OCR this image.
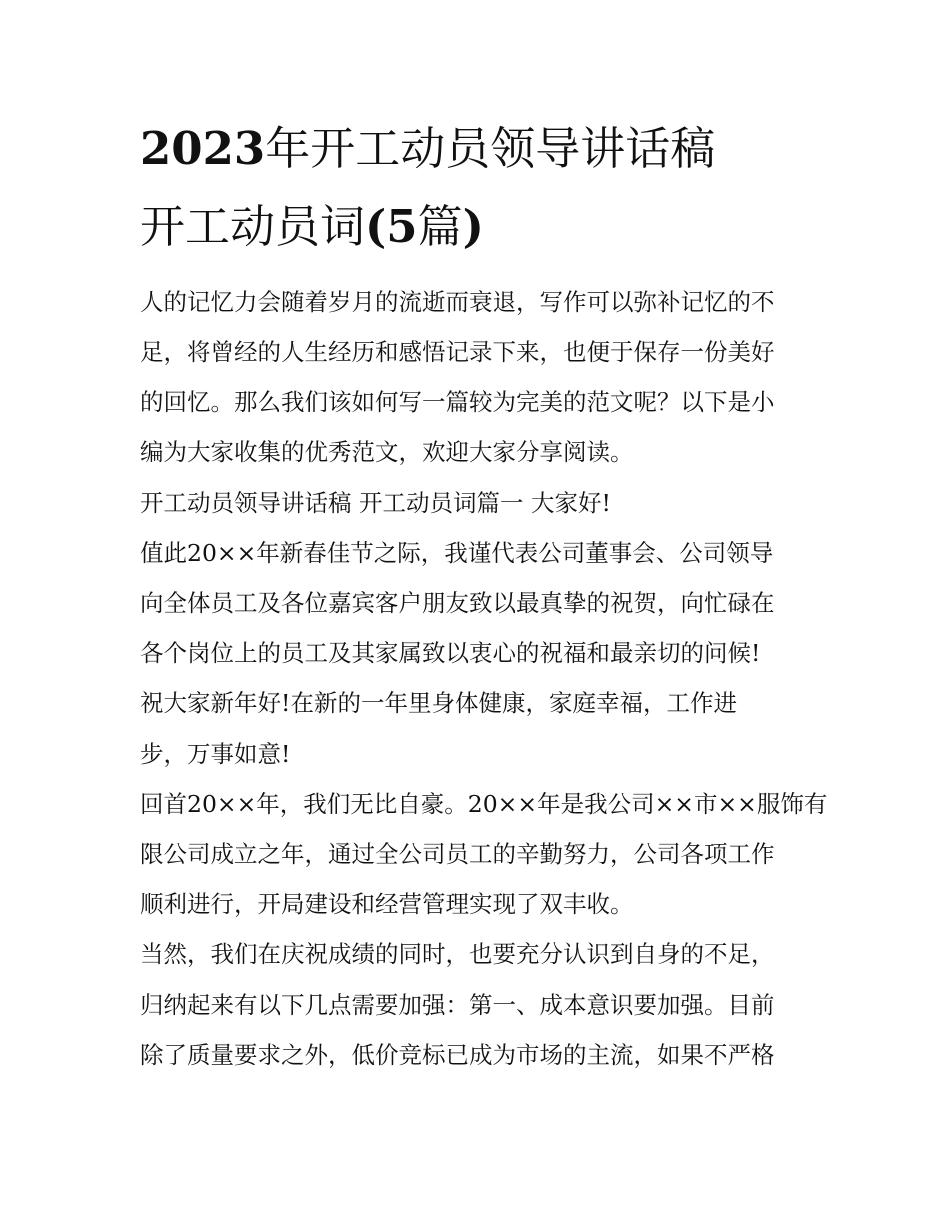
2023年开工动员领导讲话稿
开工动员词(5篇)

人的记忆力会随着岁月的流逝而衰退，写作可以弥补记忆的不

足，将曾经的人生经历和感悟记录下来，也便于保存一份美好

的回忆。那么我们该如何写一篇较为完美的范文呢？以下是小

编为大家收集的优秀范文，欢迎大家分享阅读。

开工动员领导讲话稿 开工动员词篇一 大家好!

值此20××年新春佳节之际，我谨代表公司董事会、公司领导

向全体员工及各位嘉宾客户朋友致以最真挚的祝贺，向忙碌在

各个岗位上的员工及其家属致以衷心的祝福和最亲切的问候!

祝大家新年好!在新的一年里身体健康，家庭幸福，工作进

步，万事如意!

回首20××年，我们无比自豪。20××年是我公司××市××服饰有

限公司成立之年，通过全公司员工的辛勤努力，公司各项工作

顺利进行，开局建设和经营管理实现了双丰收。

当然，我们在庆祝成绩的同时，也要充分认识到自身的不足，

归纳起来有以下几点需要加强：第一、成本意识要加强。目前

除了质量要求之外，低价竞标已成为市场的主流，如果不严格
